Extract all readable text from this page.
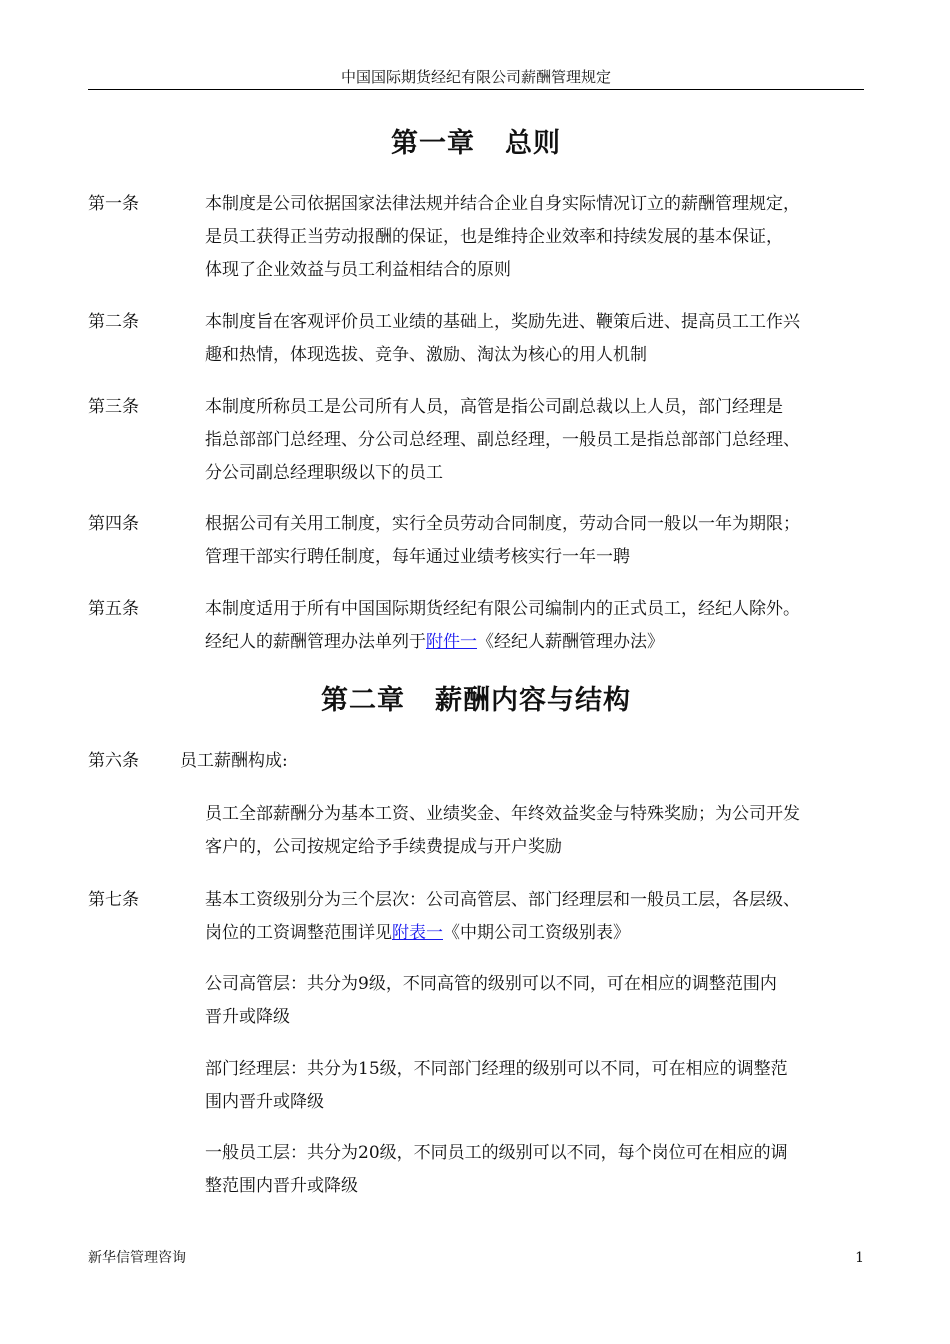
中国国际期货经纪有限公司薪酬管理规定
第一章 总则
第一条	本制度是公司依据国家法律法规并结合企业自身实际情况订立的薪酬管理规定，

是员工获得正当劳动报酬的保证，也是维持企业效率和持续发展的基本保证，

体现了企业效益与员工利益相结合的原则

第二条	本制度旨在客观评价员工业绩的基础上，奖励先进、鞭策后进、提高员工工作兴

趣和热情，体现选拔、竞争、激励、淘汰为核心的用人机制

第三条	本制度所称员工是公司所有人员，高管是指公司副总裁以上人员，部门经理是

指总部部门总经理、分公司总经理、副总经理，一般员工是指总部部门总经理、

分公司副总经理职级以下的员工

第四条	根据公司有关用工制度，实行全员劳动合同制度，劳动合同一般以一年为期限；

管理干部实行聘任制度，每年通过业绩考核实行一年一聘

第五条	本制度适用于所有中国国际期货经纪有限公司编制内的正式员工，经纪人除外。

经纪人的薪酬管理办法单列于附件一《经纪人薪酬管理办法》

第二章 薪酬内容与结构
第六条 员工薪酬构成:

员工全部薪酬分为基本工资、业绩奖金、年终效益奖金与特殊奖励；为公司开发

客户的，公司按规定给予手续费提成与开户奖励

第七条	基本工资级别分为三个层次：公司高管层、部门经理层和一般员工层，各层级、

岗位的工资调整范围详见附表一《中期公司工资级别表》

公司高管层：共分为9级，不同高管的级别可以不同，可在相应的调整范围内

晋升或降级

部门经理层：共分为15级，不同部门经理的级别可以不同，可在相应的调整范

围内晋升或降级

一般员工层：共分为20级，不同员工的级别可以不同，每个岗位可在相应的调

整范围内晋升或降级

新华信管理咨询	1
